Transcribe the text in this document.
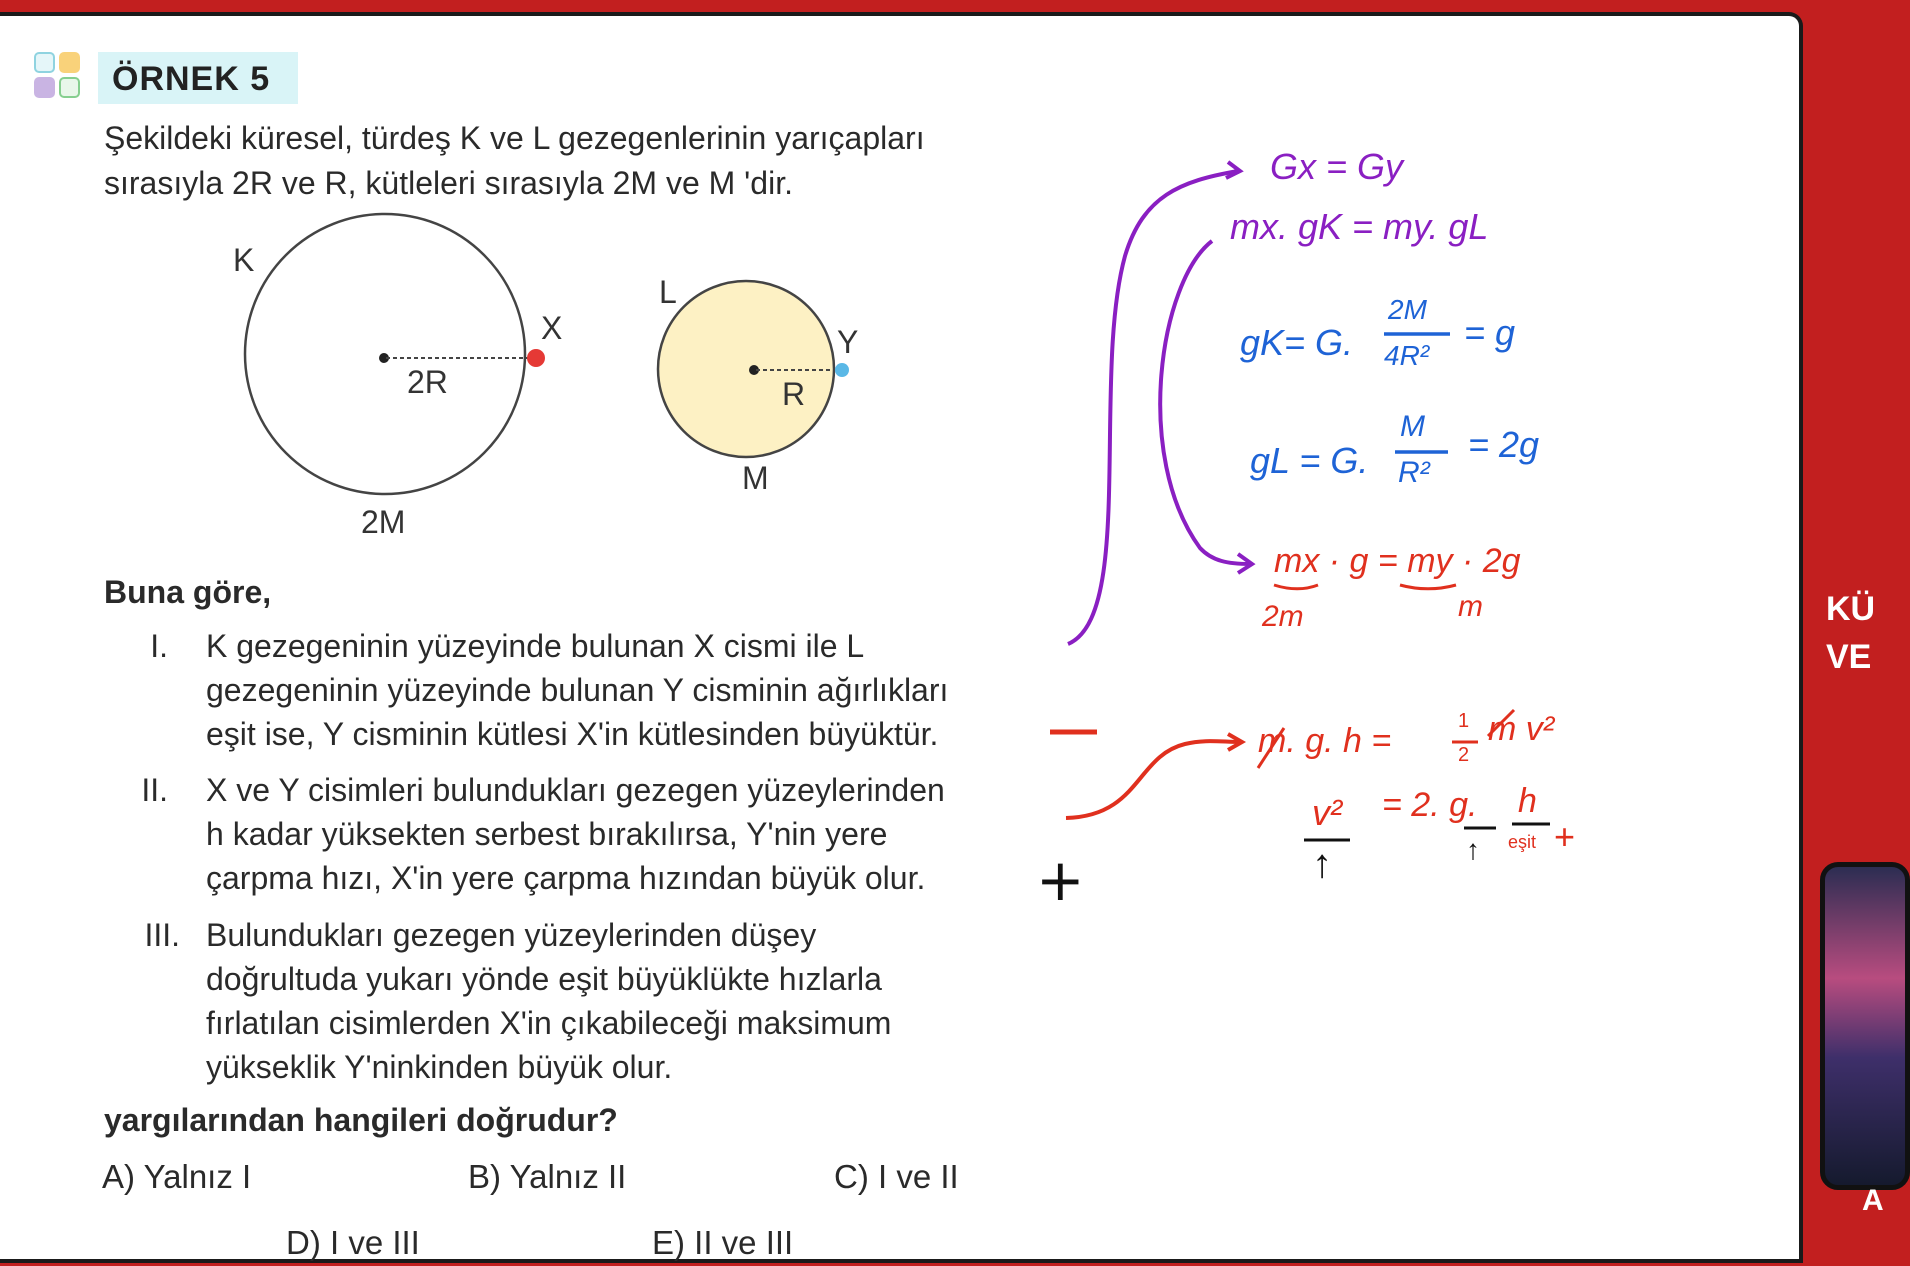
ÖRNEK 5
Şekildeki küresel, türdeş K ve L gezegenlerinin yarıçapları
sırasıyla 2R ve R, kütleleri sırasıyla 2M ve M 'dir.
K
X
2R
2M
L
Y
R
M
Buna göre,
I. K gezegeninin yüzeyinde bulunan X cismi ile L
gezegeninin yüzeyinde bulunan Y cisminin ağırlıkları
eşit ise, Y cisminin kütlesi X'in kütlesinden büyüktür.
II. X ve Y cisimleri bulundukları gezegen yüzeylerinden
h kadar yüksekten serbest bırakılırsa, Y'nin yere
çarpma hızı, X'in yere çarpma hızından büyük olur.
III. Bulundukları gezegen yüzeylerinden düşey
doğrultuda yukarı yönde eşit büyüklükte hızlarla
fırlatılan cisimlerden X'in çıkabileceği maksimum
yükseklik Y'ninkinden büyük olur.
yargılarından hangileri doğrudur?
A) Yalnız I	B) Yalnız II	C) I ve II
D) I ve III	E) II ve III
+
Gx = Gy
mx. gK = my. gL
gK= G.
2M
4R²
= g
gL = G.
M
R²
= 2g
mx · g = my · 2g
2m	m
m. g. h =
1
2
m v²
v² = 2. g. h
eşit +
↑	↑
KÜ
VE
A
